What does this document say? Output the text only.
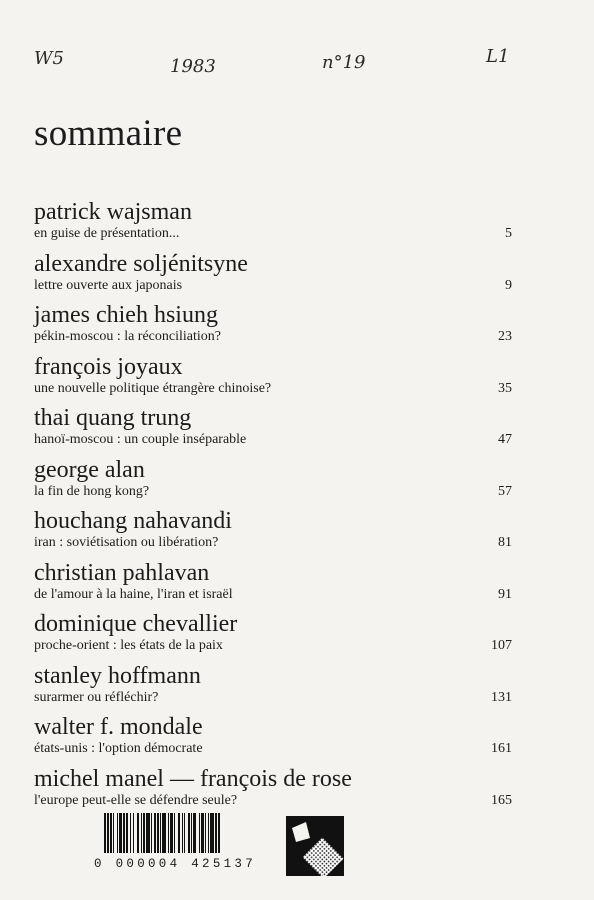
W5	1983	n°19	L1
sommaire
patrick wajsman
en guise de présentation...	5
alexandre soljénitsyne
lettre ouverte aux japonais	9
james chieh hsiung
pékin-moscou : la réconciliation?	23
françois joyaux
une nouvelle politique étrangère chinoise?	35
thai quang trung
hanoï-moscou : un couple inséparable	47
george alan
la fin de hong kong?	57
houchang nahavandi
iran : soviétisation ou libération?	81
christian pahlavan
de l'amour à la haine, l'iran et israël	91
dominique chevallier
proche-orient : les états de la paix	107
stanley hoffmann
surarmer ou réfléchir?	131
walter f. mondale
états-unis : l'option démocrate	161
michel manel — françois de rose
l'europe peut-elle se défendre seule?	165
0 000004 425137
